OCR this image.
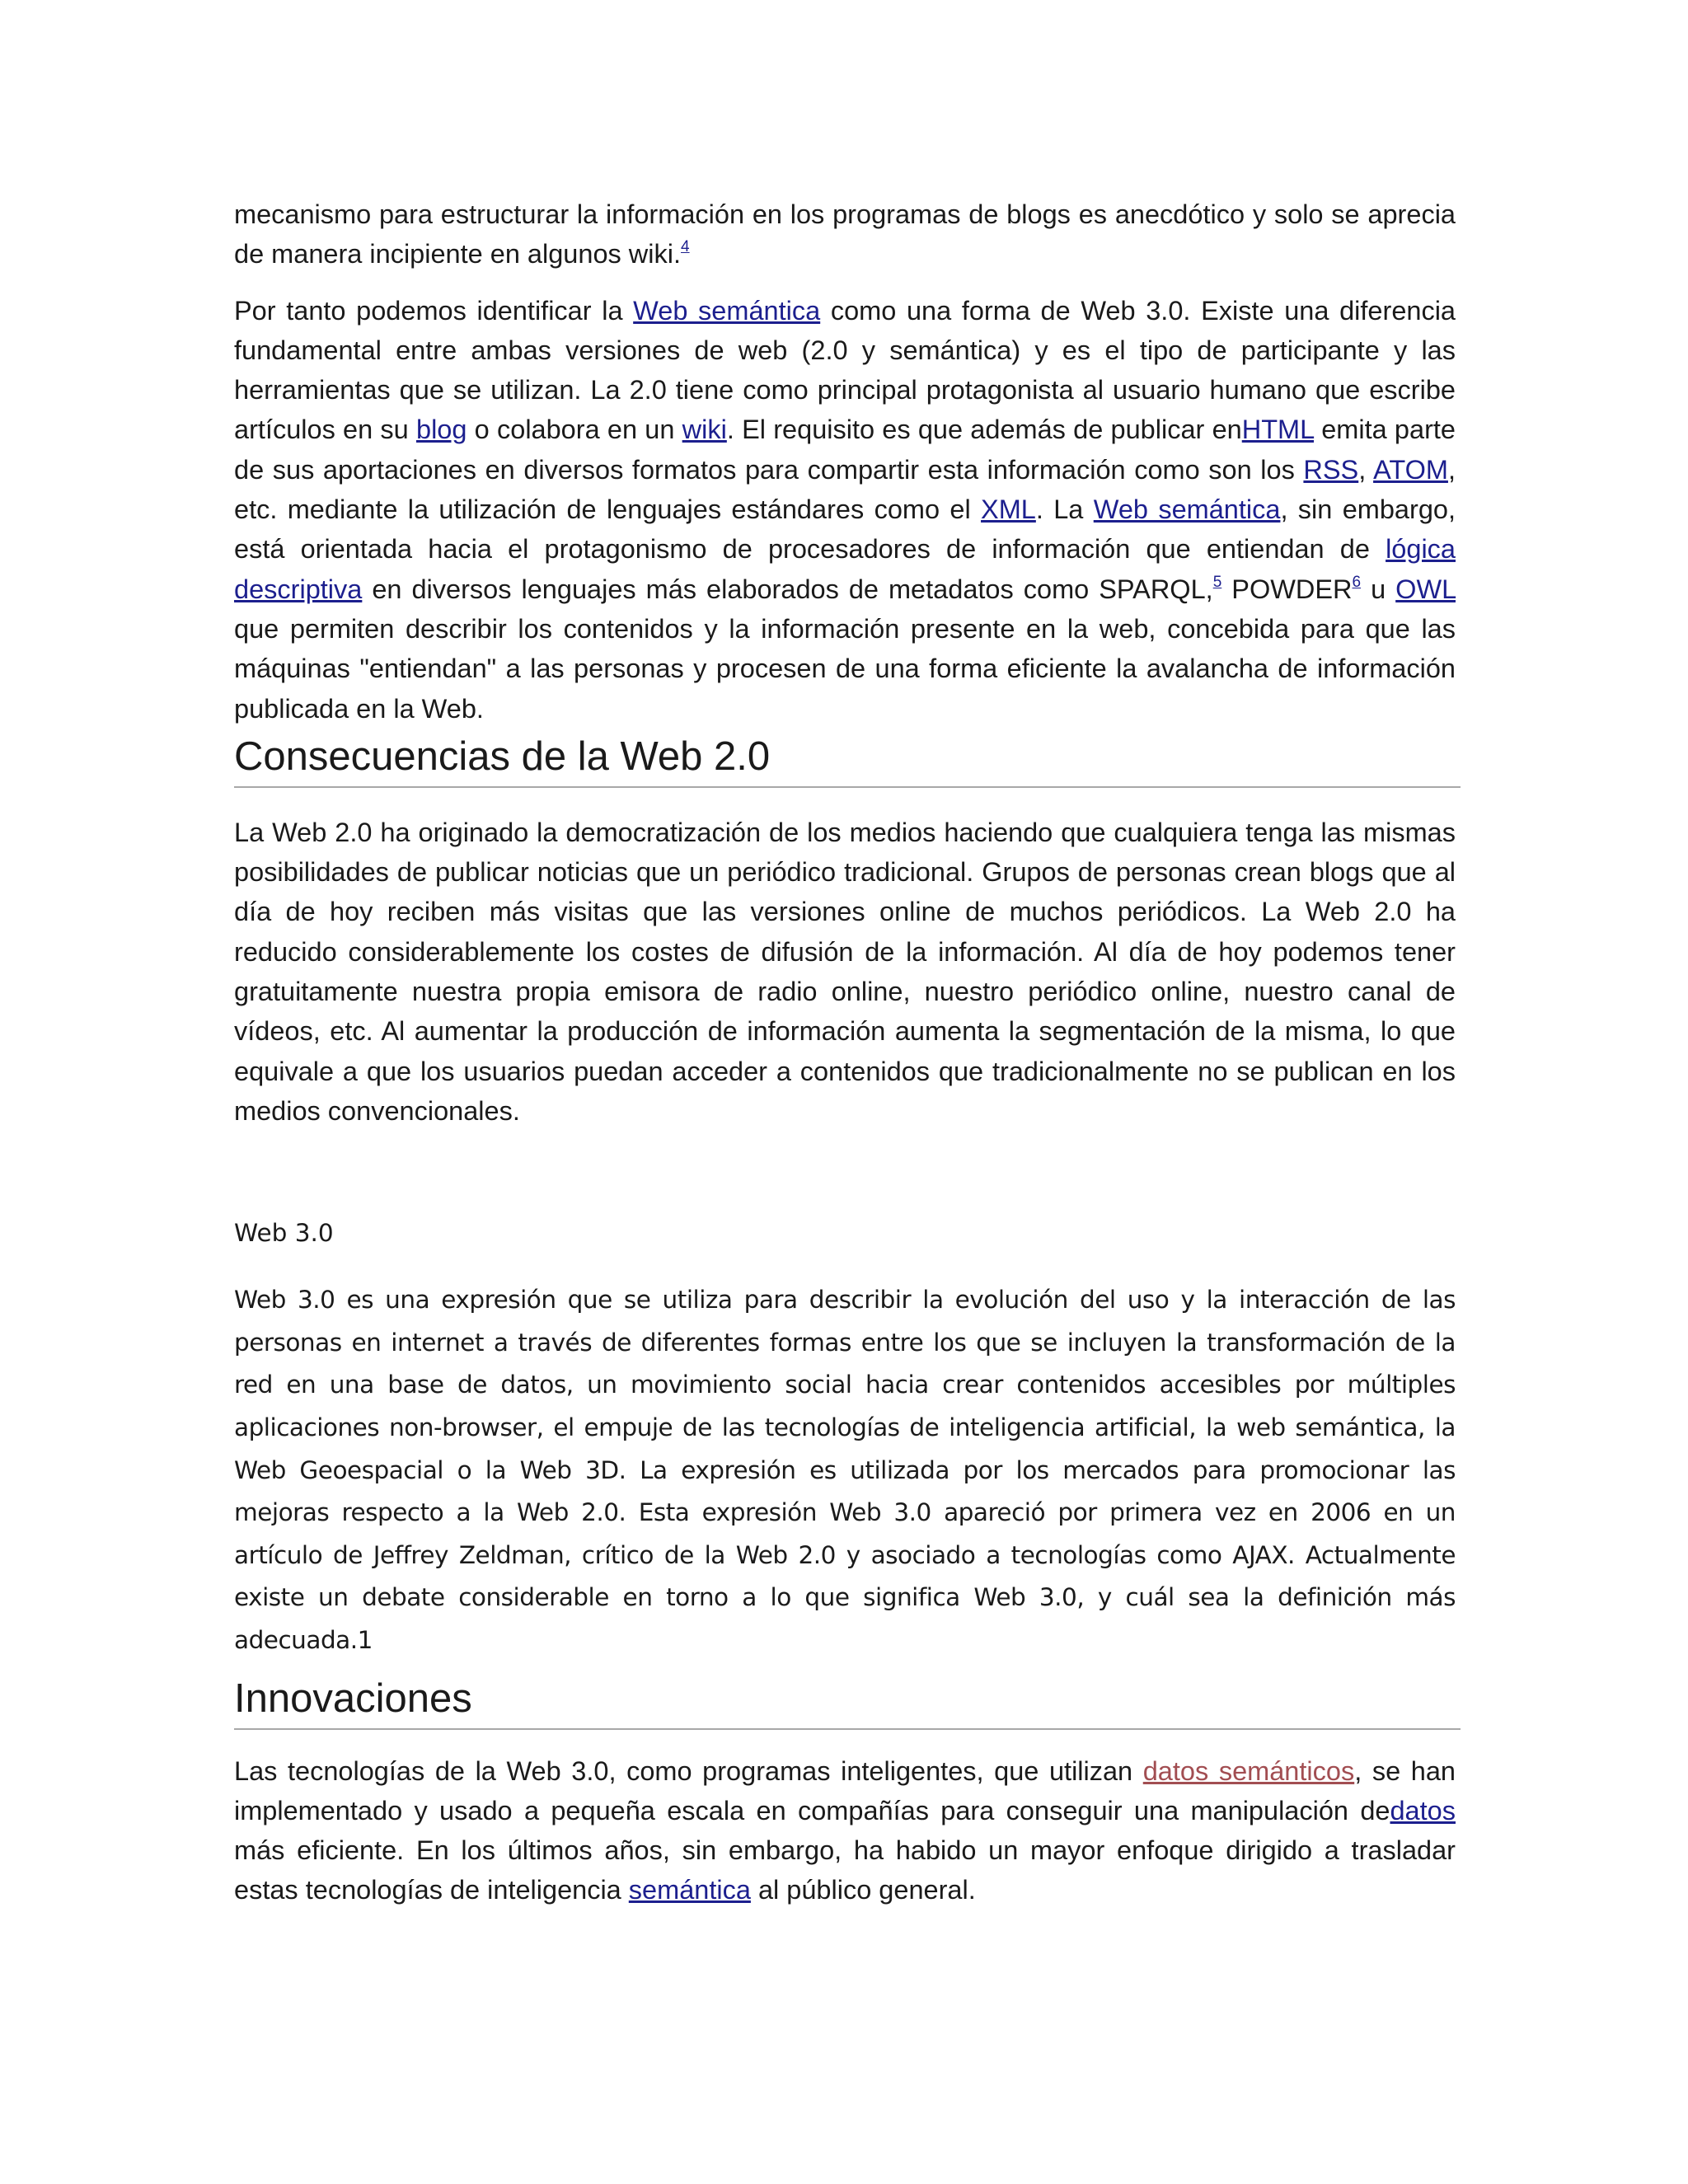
mecanismo para estructurar la información en los programas de blogs es anecdótico y solo se aprecia de manera incipiente en algunos wiki.$^4$

Por tanto podemos identificar la Web semántica como una forma de Web 3.0. Existe una diferencia fundamental entre ambas versiones de web (2.0 y semántica) y es el tipo de participante y las herramientas que se utilizan. La 2.0 tiene como principal protagonista al usuario humano que escribe artículos en su blog o colabora en un wiki. El requisito es que además de publicar enHTML emita parte de sus aportaciones en diversos formatos para compartir esta información como son los RSS, ATOM, etc. mediante la utilización de lenguajes estándares como el XML. La Web semántica, sin embargo, está orientada hacia el protagonismo de procesadores de información que entiendan de lógica descriptiva en diversos lenguajes más elaborados de metadatos como SPARQL,$^5$ POWDER$^6$ u OWL que permiten describir los contenidos y la información presente en la web, concebida para que las máquinas "entiendan" a las personas y procesen de una forma eficiente la avalancha de información publicada en la Web.

Consecuencias de la Web 2.0

La Web 2.0 ha originado la democratización de los medios haciendo que cualquiera tenga las mismas posibilidades de publicar noticias que un periódico tradicional. Grupos de personas crean blogs que al día de hoy reciben más visitas que las versiones online de muchos periódicos. La Web 2.0 ha reducido considerablemente los costes de difusión de la información. Al día de hoy podemos tener gratuitamente nuestra propia emisora de radio online, nuestro periódico online, nuestro canal de vídeos, etc. Al aumentar la producción de información aumenta la segmentación de la misma, lo que equivale a que los usuarios puedan acceder a contenidos que tradicionalmente no se publican en los medios convencionales.

Web 3.0

Web 3.0 es una expresión que se utiliza para describir la evolución del uso y la interacción de las personas en internet a través de diferentes formas entre los que se incluyen la transformación de la red en una base de datos, un movimiento social hacia crear contenidos accesibles por múltiples aplicaciones non-browser, el empuje de las tecnologías de inteligencia artificial, la web semántica, la Web Geoespacial o la Web 3D. La expresión es utilizada por los mercados para promocionar las mejoras respecto a la Web 2.0. Esta expresión Web 3.0 apareció por primera vez en 2006 en un artículo de Jeffrey Zeldman, crítico de la Web 2.0 y asociado a tecnologías como AJAX. Actualmente existe un debate considerable en torno a lo que significa Web 3.0, y cuál sea la definición más adecuada.1

Innovaciones

Las tecnologías de la Web 3.0, como programas inteligentes, que utilizan datos semánticos, se han implementado y usado a pequeña escala en compañías para conseguir una manipulación dedatos más eficiente. En los últimos años, sin embargo, ha habido un mayor enfoque dirigido a trasladar estas tecnologías de inteligencia semántica al público general.
